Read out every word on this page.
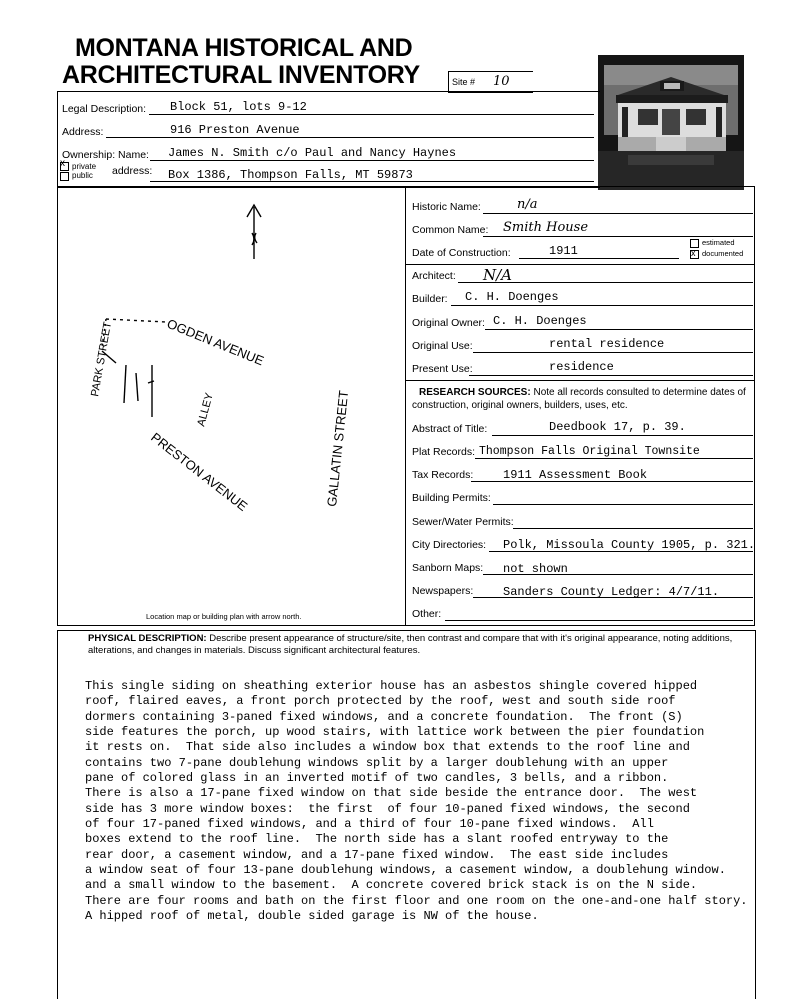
MONTANA HISTORICAL AND
ARCHITECTURAL INVENTORY	Site # 10
Legal Description: Block 51, lots 9-12
Address:	916 Preston Avenue
Ownership: Name: James N. Smith c/o Paul and Nancy Haynes
x private
public address: Box 1386, Thompson Falls, MT 59873
OGDEN AVENUE
PARK STREET
ALLEY
PRESTON AVENUE	GALLATIN STREET
Location map or building plan with arrow north.
Historic Name:	n/a
Common Name: Smith House
Date of Construction:	1911
estimated
x documented
Architect: N/A
Builder: C. H. Doenges
Original Owner: C. H. Doenges
Original Use:	rental residence
Present Use:	residence
RESEARCH SOURCES: Note all records consulted to determine dates of construction, original owners, builders, uses, etc.
Abstract of Title:	Deedbook 17, p. 39.
Plat Records: Thompson Falls Original Townsite
Tax Records: 1911 Assessment Book
Building Permits:
Sewer/Water Permits:
City Directories: Polk, Missoula County 1905, p. 321.
Sanborn Maps: not shown
Newspapers: Sanders County Ledger: 4/7/11.
Other:
PHYSICAL DESCRIPTION: Describe present appearance of structure/site, then contrast and compare that with it's original appearance, noting additions, alterations, and changes in materials. Discuss significant architectural features.
This single siding on sheathing exterior house has an asbestos shingle covered hipped
roof, flaired eaves, a front porch protected by the roof, west and south side roof
dormers containing 3-paned fixed windows, and a concrete foundation.  The front (S)
side features the porch, up wood stairs, with lattice work between the pier foundation
it rests on.  That side also includes a window box that extends to the roof line and
contains two 7-pane doublehung windows split by a larger doublehung with an upper
pane of colored glass in an inverted motif of two candles, 3 bells, and a ribbon.
There is also a 17-pane fixed window on that side beside the entrance door.  The west
side has 3 more window boxes:  the first  of four 10-paned fixed windows, the second
of four 17-paned fixed windows, and a third of four 10-pane fixed windows.  All
boxes extend to the roof line.  The north side has a slant roofed entryway to the
rear door, a casement window, and a 17-pane fixed window.  The east side includes
a window seat of four 13-pane doublehung windows, a casement window, a doublehung window.
and a small window to the basement.  A concrete covered brick stack is on the N side.
There are four rooms and bath on the first floor and one room on the one-and-one half story.
A hipped roof of metal, double sided garage is NW of the house.
